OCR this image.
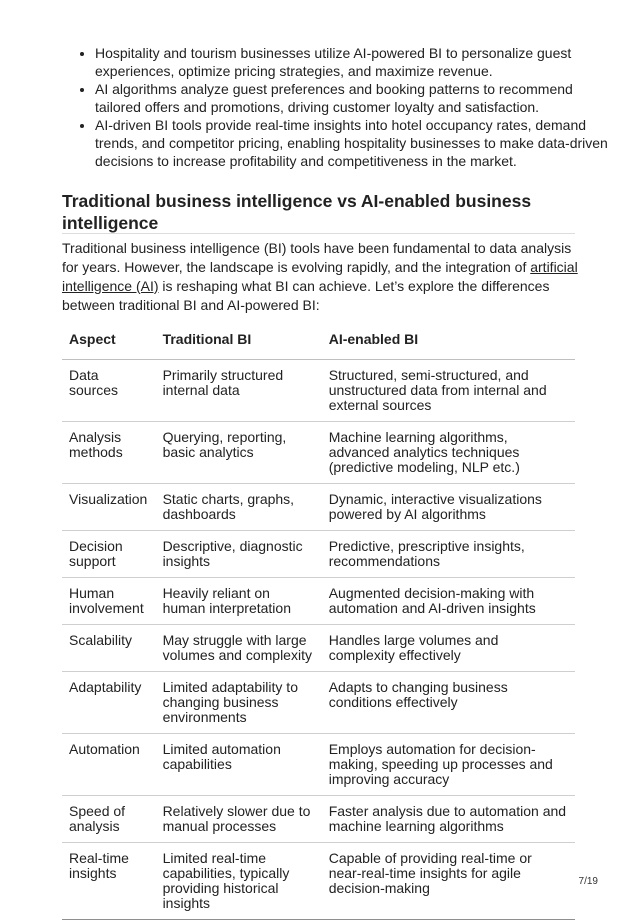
• Hospitality and tourism businesses utilize AI-powered BI to personalize guest experiences, optimize pricing strategies, and maximize revenue.
• AI algorithms analyze guest preferences and booking patterns to recommend tailored offers and promotions, driving customer loyalty and satisfaction.
• AI-driven BI tools provide real-time insights into hotel occupancy rates, demand trends, and competitor pricing, enabling hospitality businesses to make data-driven decisions to increase profitability and competitiveness in the market.
Traditional business intelligence vs AI-enabled business intelligence

Traditional business intelligence (BI) tools have been fundamental to data analysis for years. However, the landscape is evolving rapidly, and the integration of artificial intelligence (AI) is reshaping what BI can achieve. Let’s explore the differences between traditional BI and AI-powered BI:

Aspect	Traditional BI	AI-enabled BI
Data sources	Primarily structured internal data	Structured, semi-structured, and unstructured data from internal and external sources
Analysis methods	Querying, reporting, basic analytics	Machine learning algorithms, advanced analytics techniques (predictive modeling, NLP etc.)
Visualization	Static charts, graphs, dashboards	Dynamic, interactive visualizations powered by AI algorithms
Decision support	Descriptive, diagnostic insights	Predictive, prescriptive insights, recommendations
Human involvement	Heavily reliant on human interpretation	Augmented decision-making with automation and AI-driven insights
Scalability	May struggle with large volumes and complexity	Handles large volumes and complexity effectively
Adaptability	Limited adaptability to changing business environments	Adapts to changing business conditions effectively
Automation	Limited automation capabilities	Employs automation for decision-making, speeding up processes and improving accuracy
Speed of analysis	Relatively slower due to manual processes	Faster analysis due to automation and machine learning algorithms
Real-time insights	Limited real-time capabilities, typically providing historical insights	Capable of providing real-time or near-real-time insights for agile decision-making	7/19
